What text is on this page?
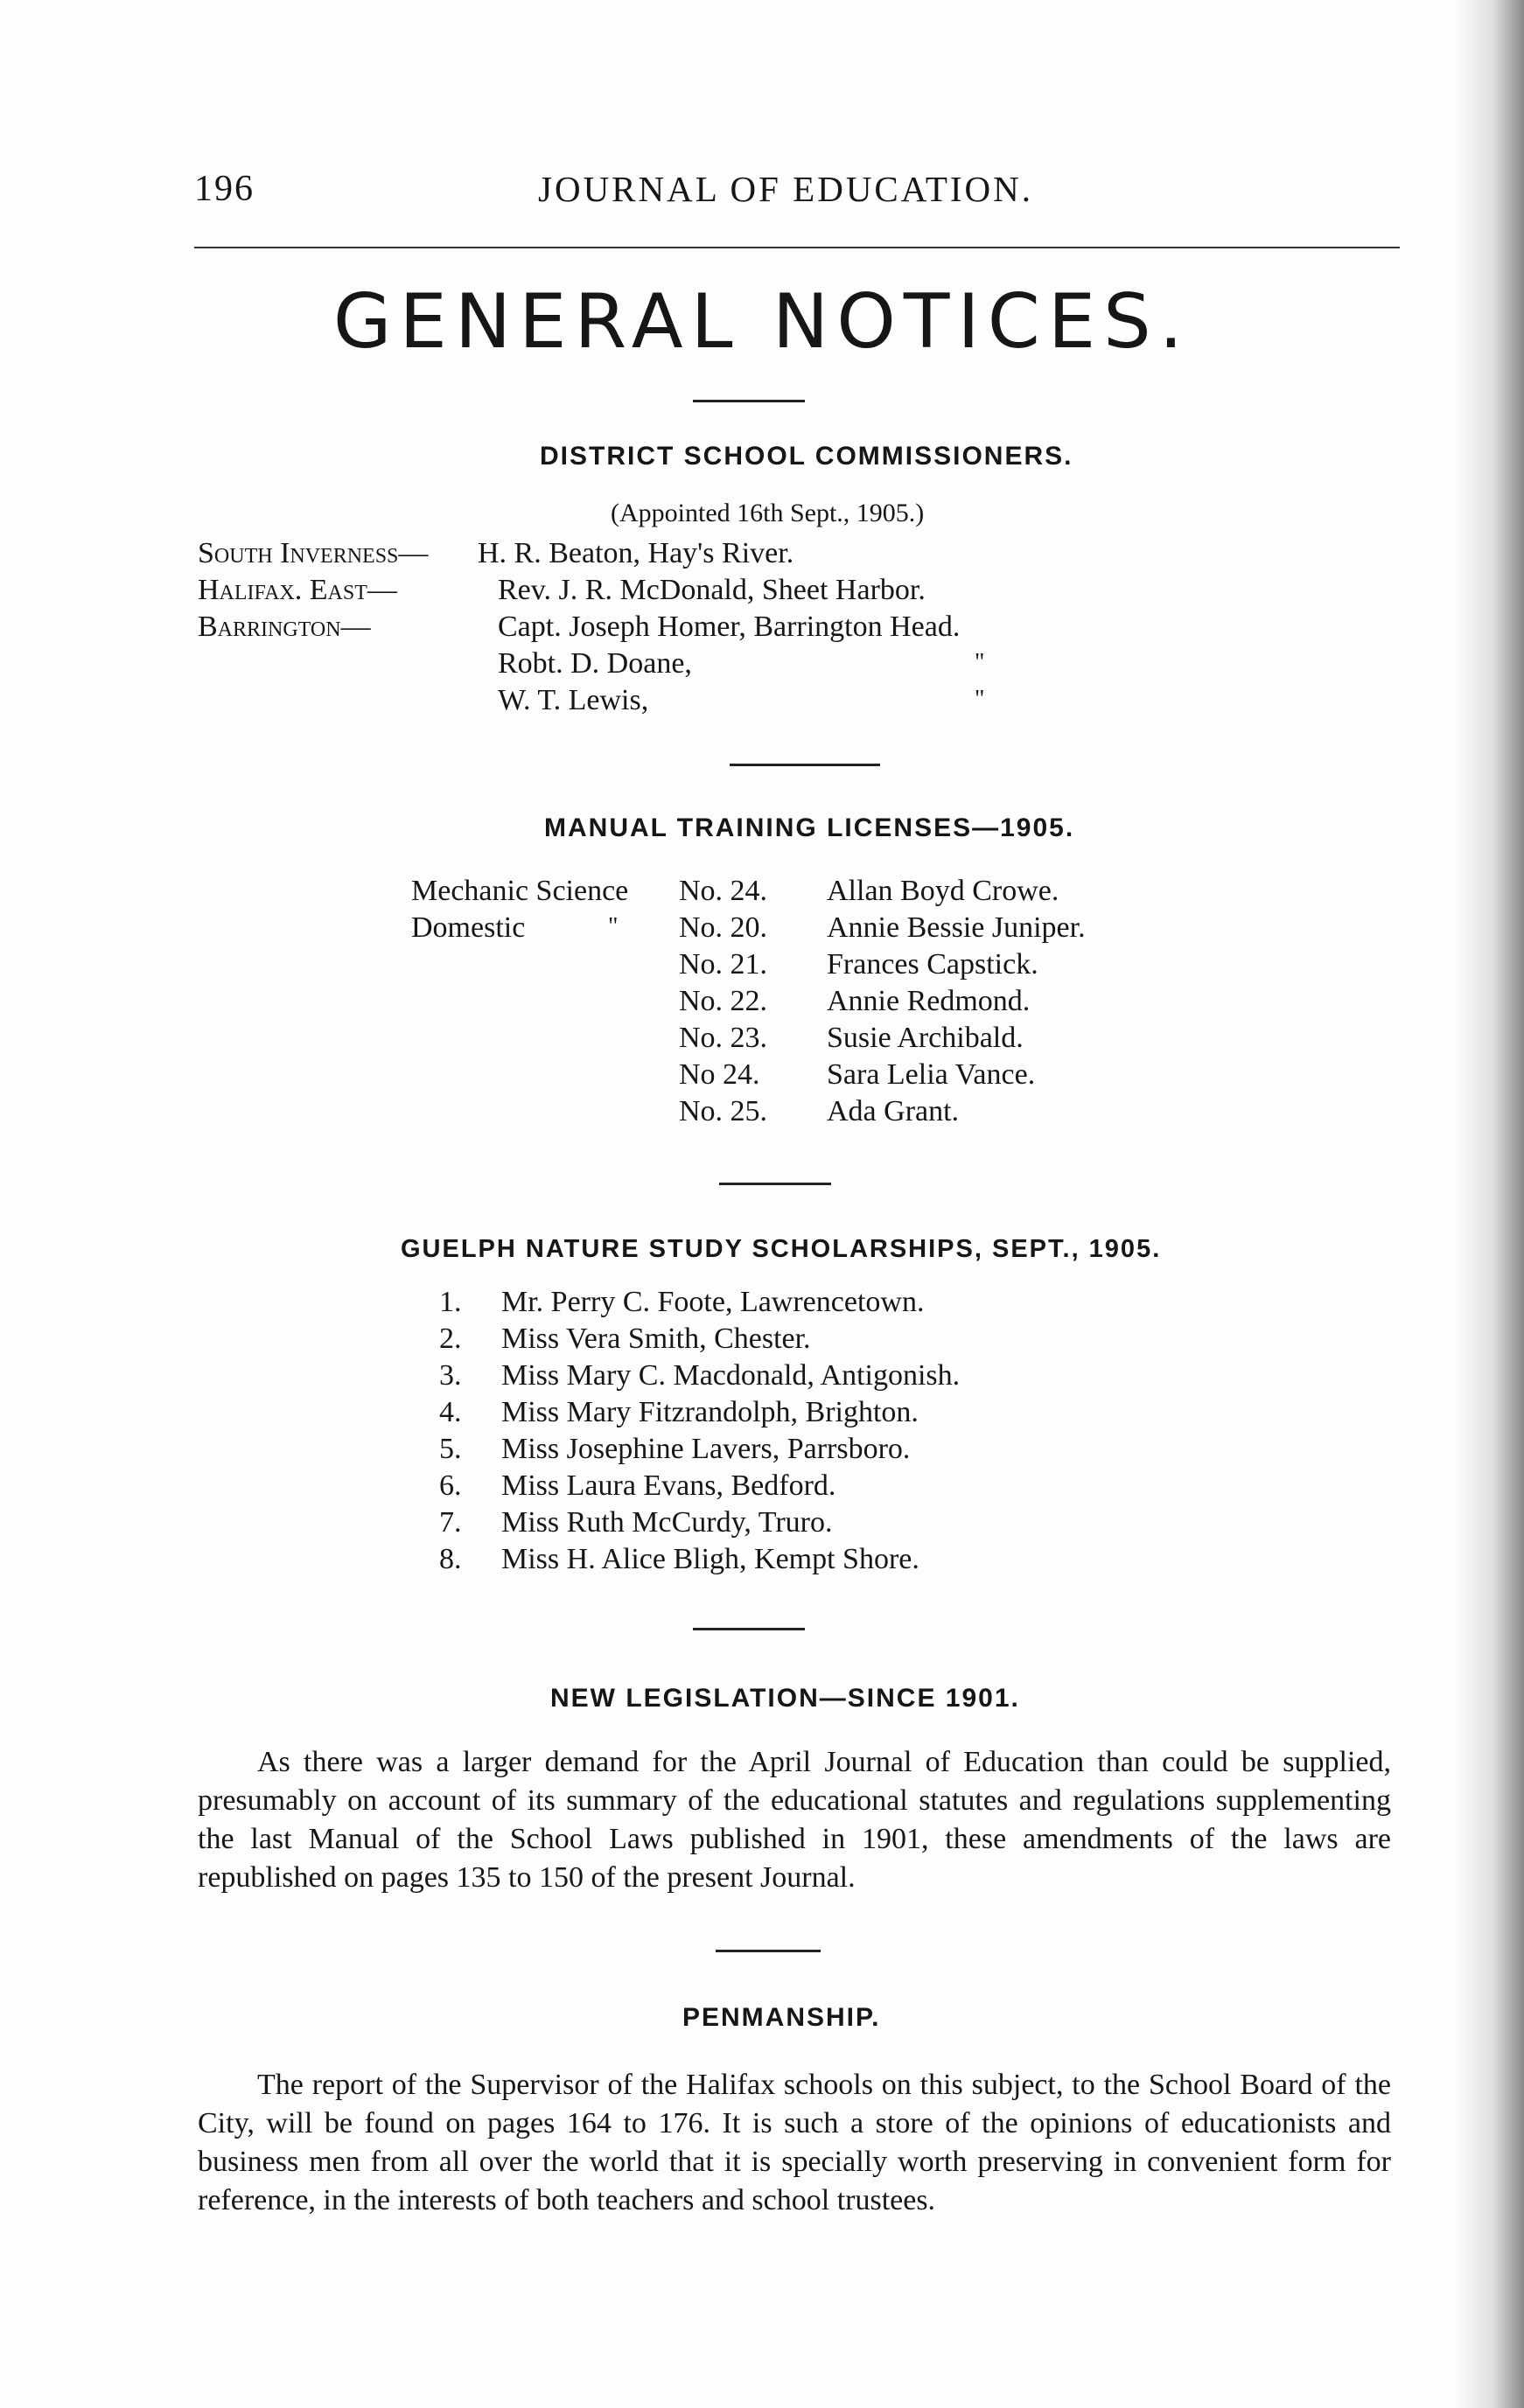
196	JOURNAL OF EDUCATION.
GENERAL NOTICES.
DISTRICT SCHOOL COMMISSIONERS.
(Appointed 16th Sept., 1905.)
South Inverness— H. R. Beaton, Hay's River.
Halifax. East—	Rev. J. R. McDonald, Sheet Harbor.
Barrington—	Capt. Joseph Homer, Barrington Head.
Robt. D. Doane,	"
W. T. Lewis,	"
MANUAL TRAINING LICENSES—1905.
Mechanic Science No. 24. Allan Boyd Crowe.
Domestic	" No. 20. Annie Bessie Juniper.
No. 21. Frances Capstick.
No. 22. Annie Redmond.
No. 23. Susie Archibald.
No 24. Sara Lelia Vance.
No. 25. Ada Grant.
GUELPH NATURE STUDY SCHOLARSHIPS, SEPT., 1905.
1. Mr. Perry C. Foote, Lawrencetown.
2. Miss Vera Smith, Chester.
3. Miss Mary C. Macdonald, Antigonish.
4. Miss Mary Fitzrandolph, Brighton.
5. Miss Josephine Lavers, Parrsboro.
6. Miss Laura Evans, Bedford.
7. Miss Ruth McCurdy, Truro.
8. Miss H. Alice Bligh, Kempt Shore.
NEW LEGISLATION—SINCE 1901.

As there was a larger demand for the April Journal of Education than could be supplied, presumably on account of its summary of the educational statutes and regulations supplementing the last Manual of the School Laws published in 1901, these amendments of the laws are republished on pages 135 to 150 of the present Journal.

PENMANSHIP.

The report of the Supervisor of the Halifax schools on this subject, to the School Board of the City, will be found on pages 164 to 176. It is such a store of the opinions of educationists and business men from all over the world that it is specially worth preserving in convenient form for reference, in the interests of both teachers and school trustees.
